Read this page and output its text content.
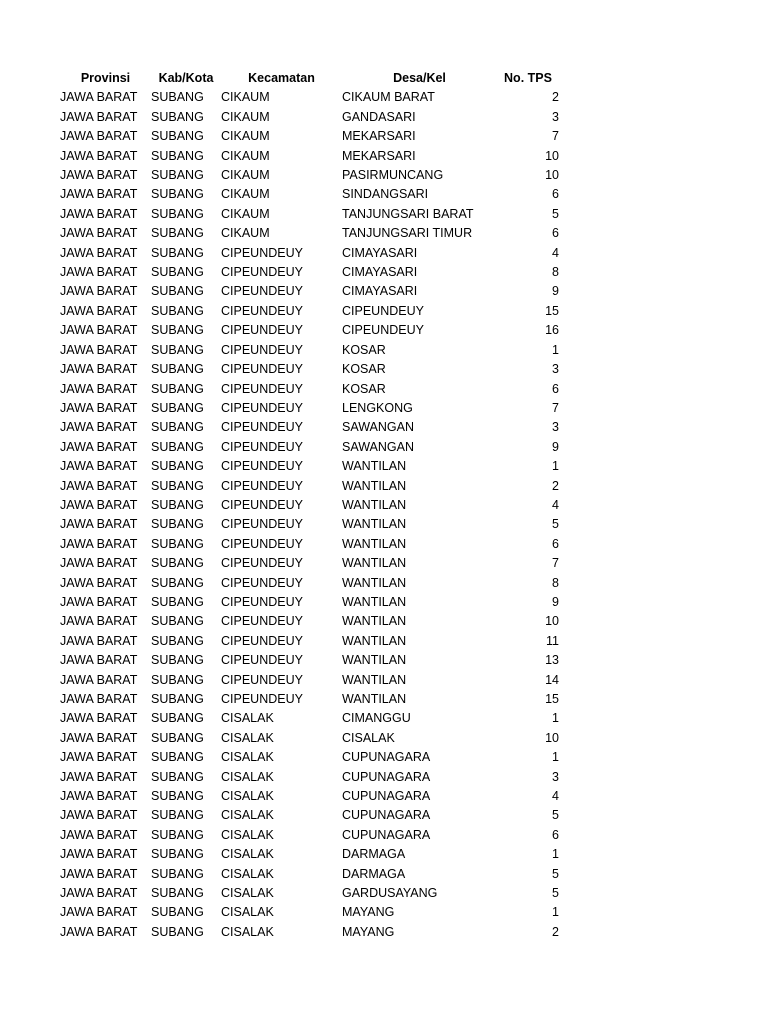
Provinsi	Kab/Kota	Kecamatan	Desa/Kel	No. TPS
JAWA BARAT	SUBANG	CIKAUM	CIKAUM BARAT	2
JAWA BARAT	SUBANG	CIKAUM	GANDASARI	3
JAWA BARAT	SUBANG	CIKAUM	MEKARSARI	7
JAWA BARAT	SUBANG	CIKAUM	MEKARSARI	10
JAWA BARAT	SUBANG	CIKAUM	PASIRMUNCANG	10
JAWA BARAT	SUBANG	CIKAUM	SINDANGSARI	6
JAWA BARAT	SUBANG	CIKAUM	TANJUNGSARI BARAT	5
JAWA BARAT	SUBANG	CIKAUM	TANJUNGSARI TIMUR	6
JAWA BARAT	SUBANG	CIPEUNDEUY	CIMAYASARI	4
JAWA BARAT	SUBANG	CIPEUNDEUY	CIMAYASARI	8
JAWA BARAT	SUBANG	CIPEUNDEUY	CIMAYASARI	9
JAWA BARAT	SUBANG	CIPEUNDEUY	CIPEUNDEUY	15
JAWA BARAT	SUBANG	CIPEUNDEUY	CIPEUNDEUY	16
JAWA BARAT	SUBANG	CIPEUNDEUY	KOSAR	1
JAWA BARAT	SUBANG	CIPEUNDEUY	KOSAR	3
JAWA BARAT	SUBANG	CIPEUNDEUY	KOSAR	6
JAWA BARAT	SUBANG	CIPEUNDEUY	LENGKONG	7
JAWA BARAT	SUBANG	CIPEUNDEUY	SAWANGAN	3
JAWA BARAT	SUBANG	CIPEUNDEUY	SAWANGAN	9
JAWA BARAT	SUBANG	CIPEUNDEUY	WANTILAN	1
JAWA BARAT	SUBANG	CIPEUNDEUY	WANTILAN	2
JAWA BARAT	SUBANG	CIPEUNDEUY	WANTILAN	4
JAWA BARAT	SUBANG	CIPEUNDEUY	WANTILAN	5
JAWA BARAT	SUBANG	CIPEUNDEUY	WANTILAN	6
JAWA BARAT	SUBANG	CIPEUNDEUY	WANTILAN	7
JAWA BARAT	SUBANG	CIPEUNDEUY	WANTILAN	8
JAWA BARAT	SUBANG	CIPEUNDEUY	WANTILAN	9
JAWA BARAT	SUBANG	CIPEUNDEUY	WANTILAN	10
JAWA BARAT	SUBANG	CIPEUNDEUY	WANTILAN	11
JAWA BARAT	SUBANG	CIPEUNDEUY	WANTILAN	13
JAWA BARAT	SUBANG	CIPEUNDEUY	WANTILAN	14
JAWA BARAT	SUBANG	CIPEUNDEUY	WANTILAN	15
JAWA BARAT	SUBANG	CISALAK	CIMANGGU	1
JAWA BARAT	SUBANG	CISALAK	CISALAK	10
JAWA BARAT	SUBANG	CISALAK	CUPUNAGARA	1
JAWA BARAT	SUBANG	CISALAK	CUPUNAGARA	3
JAWA BARAT	SUBANG	CISALAK	CUPUNAGARA	4
JAWA BARAT	SUBANG	CISALAK	CUPUNAGARA	5
JAWA BARAT	SUBANG	CISALAK	CUPUNAGARA	6
JAWA BARAT	SUBANG	CISALAK	DARMAGA	1
JAWA BARAT	SUBANG	CISALAK	DARMAGA	5
JAWA BARAT	SUBANG	CISALAK	GARDUSAYANG	5
JAWA BARAT	SUBANG	CISALAK	MAYANG	1
JAWA BARAT	SUBANG	CISALAK	MAYANG	2
